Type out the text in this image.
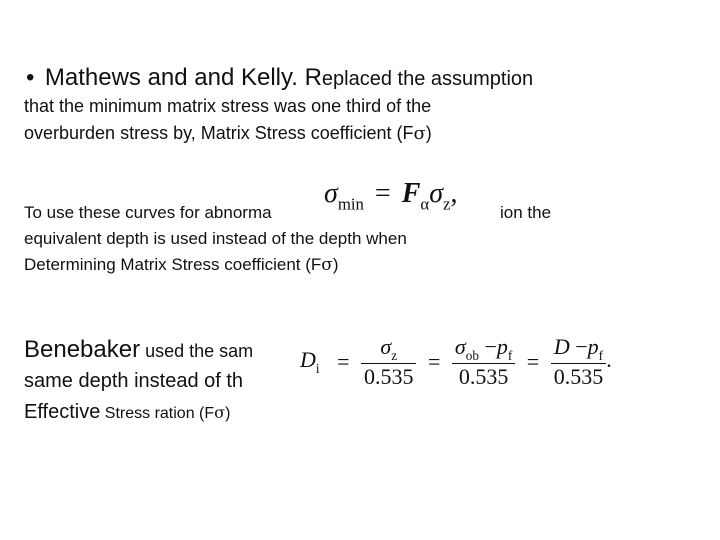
• Mathews and and Kelly. Replaced the assumption
that the minimum matrix stress was one third of the
overburden stress by, Matrix Stress coefficient (Fσ)
To use these curves for abnorma	ion the
equivalent depth is used instead of the depth when
Determining Matrix Stress coefficient (Fσ)
$\sigma_{min} = F_\alpha\sigma_z$,
Benebaker used the sam
same depth instead of th
Effective Stress ration (Fσ)
$D_i = \frac{\sigma_z}{0.535} = \frac{\sigma_{ob} -p_f}{0.535} = \frac{D -p_f}{0.535}$ .
